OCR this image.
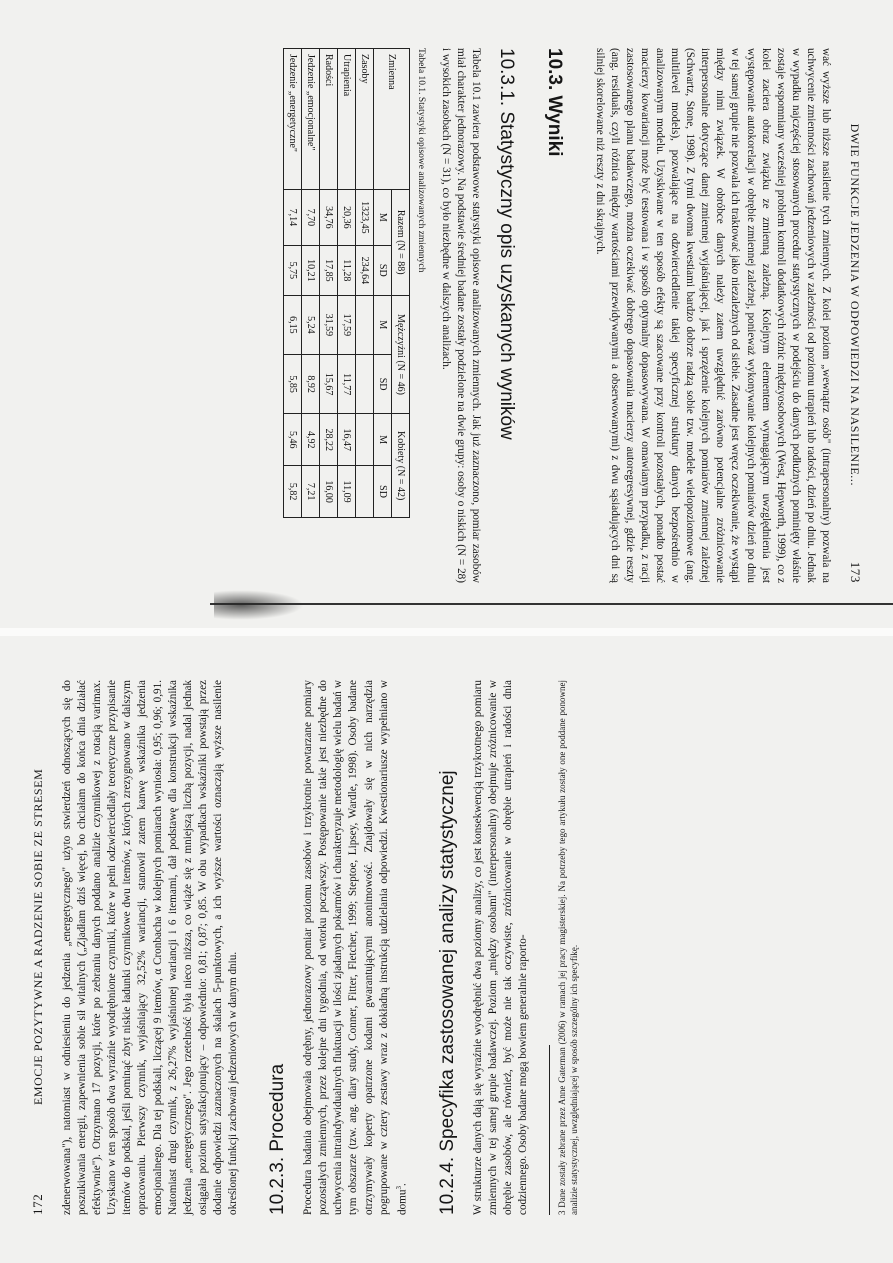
DWIE FUNKCJE JEDZENIA W ODPOWIEDZI NA NASILENIE...
173

wać wyższe lub niższe nasilenie tych zmiennych. Z kolei poziom „wewnątrz osób" (intrapersonalny) pozwala na uchwycenie zmienności zachowań jedzeniowych w zależności od poziomu utrapień lub radości, dzień po dniu. Jednak w wypadku najczęściej stosowanych procedur statystycznych w podejściu do danych podłużnych pominięty właśnie zostaje wspomniany wcześniej problem kontroli dodatkowych różnic międzyosobowych (West, Hepworth, 1999), co z kolei zaciera obraz związku ze zmienną zależną. Kolejnym elementem wymagającym uwzględnienia jest występowanie autokorelacji w obrębie zmiennej zależnej, ponieważ wykonywanie kolejnych pomiarów dzień po dniu w tej samej grupie nie pozwala ich traktować jako niezależnych od siebie. Zasadne jest wręcz oczekiwanie, że wystąpi między nimi związek. W obróbce danych należy zatem uwzględnić zarówno potencjalne zróżnicowanie interpersonalne dotyczące danej zmiennej wyjaśniającej, jak i sprzężenie kolejnych pomiarów zmiennej zależnej (Schwartz, Stone, 1998). Z tymi dwoma kwestiami bardzo dobrze radzą sobie tzw. modele wielopoziomowe (ang. multilevel models), pozwalające na odzwierciedlenie takiej specyficznej struktury danych bezpośrednio w analizowanym modelu. Uzyskiwane w ten sposób efekty są szacowane przy kontroli pozostałych, ponadto postać macierzy kowariancji może być testowana i w sposób optymalny dopasowywana. W omawianym przypadku, z racji zastosowanego planu badawczego, można oczekiwać dobrego dopasowania macierzy autoregresywnej, gdzie reszty (ang. residuals, czyli różnica między wartościami przewidywanymi a obserwowanymi) z dwu sąsiadujących dni są silniej skorelowane niż reszty z dni skrajnych.

10.3. Wyniki
10.3.1. Statystyczny opis uzyskanych wyników

Tabela 10.1 zawiera podstawowe statystyki opisowe analizowanych zmiennych. Jak już zaznaczono, pomiar zasobów miał charakter jednorazowy. Na podstawie średniej badane zostały podzielone na dwie grupy: osoby o niskich (N = 28) i wysokich zasobach (N = 31), co było niezbędne w dalszych analizach.

Tabela 10.1. Statystyki opisowe analizowanych zmiennych
Zmienna	Razem (N = 88)		Mężczyźni (N = 46)		Kobiety (N = 42)	
	M	SD	M	SD	M	SD
Zasoby	1323,45	234,64				
Utrapienia	20,36	11,28	17,59	11,77	16,47	11,09
Radości	34,76	17,85	31,59	15,67	28,22	16,00
Jedzenie „emocjonalne"	7,70	10,21	5,24	8,92	4,92	7,21
Jedzenie „energetyczne"	7,14	5,75	6,15	5,85	5,46	5,82
172
EMOCJE POZYTYWNE A RADZENIE SOBIE ZE STRESEM zdenerwowana"), natomiast w odniesieniu do jedzenia „energetycznego" użyto stwierdzeń odnoszących się do poszukiwania energii, zapewnienia sobie sił witalnych („Zjadłam dziś więcej, bo chciałam do końca dnia działać efektywnie"). Otrzymano 17 pozycji, które po zebraniu danych poddano analizie czynnikowej z rotacją varimax. Uzyskano w ten sposób dwa wyraźnie wyodrębnione czynniki, które w pełni odzwierciedlały teoretyczne przypisanie itemów do podskal, jeśli pominąć zbyt niskie ładunki czynnikowe dwu itemów, z których zrezygnowano w dalszym opracowaniu. Pierwszy czynnik, wyjaśniający 32,52% wariancji, stanowił zatem kanwę wskaźnika jedzenia emocjonalnego. Dla tej podskali, liczącej 9 itemów, α Cronbacha w kolejnych pomiarach wyniosła: 0,95; 0,96; 0,91. Natomiast drugi czynnik, z 26,27% wyjaśnionej wariancji i 6 itemami, dał podstawę dla konstrukcji wskaźnika jedzenia „energetycznego". Jego rzetelność była nieco niższa, co wiąże się z mniejszą liczbą pozycji, nadal jednak osiągała poziom satysfakcjonujący – odpowiednio: 0,81; 0,87; 0,85. W obu wypadkach wskaźniki powstają przez dodanie odpowiedzi zaznaczonych na skalach 5-punktowych, a ich wyższe wartości oznaczają wyższe nasilenie określonej funkcji zachowań jedzeniowych w danym dniu. 10.2.3. Procedura Procedura badania obejmowała odrębny, jednorazowy pomiar poziomu zasobów i trzykrotnie powtarzane pomiary pozostałych zmiennych, przez kolejne dni tygodnia, od wtorku począwszy. Postępowanie takie jest niezbędne do uchwycenia intraindywidualnych fluktuacji w ilości zjadanych pokarmów i charakteryzuje metodologię wielu badań w tym obszarze (tzw. ang. diary study, Conner, Fitter, Fletcher, 1999; Steptoe, Lipsey, Wardle, 1998). Osoby badane otrzymywały koperty opatrzone kodami gwarantującymi anonimowość. Znajdowały się w nich narzędzia pogrupowane w cztery zestawy wraz z dokładną instrukcją udzielania odpowiedzi. Kwestionariusze wypełniano w domu$^3$. 10.2.4. Specyfika zastosowanej analizy statystycznej W strukturze danych dają się wyraźnie wyodrębnić dwa poziomy analizy, co jest konsekwencją trzykrotnego pomiaru zmiennych w tej samej grupie badawczej. Poziom „między osobami" (interpersonalny) obejmuje zróżnicowanie w obrębie zasobów, ale również, być może nie tak oczywiste, zróżnicowanie w obrębie utrapień i radości dnia codziennego. Osoby badane mogą bowiem generalnie raporto-	3 Dane zostały zebrane przez Anne Gaterman (2006) w ramach jej pracy magisterskiej. Na potrzeby tego artykułu zostały one poddane ponownej analizie statystycznej, uwzględniającej w sposób szczególny ich specyfikę.
